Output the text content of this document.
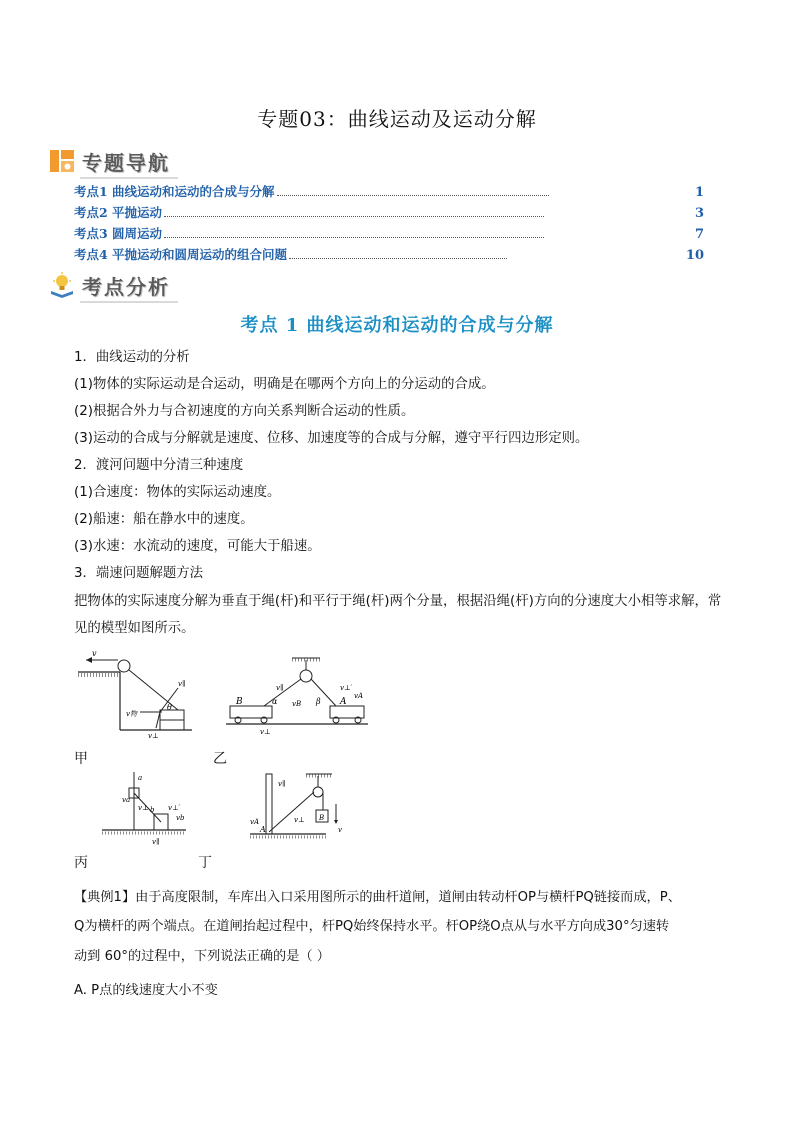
专题03：曲线运动及运动分解
专题导航
考点1 曲线运动和运动的合成与分解	1
考点2 平抛运动	3
考点3 圆周运动	7
考点4 平抛运动和圆周运动的组合问题	10
考点分析
考点 1 曲线运动和运动的合成与分解
1．曲线运动的分析
(1)物体的实际运动是合运动，明确是在哪两个方向上的分运动的合成。
(2)根据合外力与合初速度的方向关系判断合运动的性质。
(3)运动的合成与分解就是速度、位移、加速度等的合成与分解，遵守平行四边形定则。
2．渡河问题中分清三种速度
(1)合速度：物体的实际运动速度。
(2)船速：船在静水中的速度。
(3)水速：水流动的速度，可能大于船速。
3．端速问题解题方法
把物体的实际速度分解为垂直于绳(杆)和平行于绳(杆)两个分量，根据沿绳(杆)方向的分速度大小相等求解，常见的模型如图所示。
v
v物
v∥
v⊥
θ
甲
B	A
α	β
vB
vA
v∥
v⊥
v⊥′
乙
a
b
va
vb
v⊥′
v⊥
v∥
丙
A
B
v
vA
v∥
v⊥
丁
【典例1】由于高度限制，车库出入口采用图所示的曲杆道闸，道闸由转动杆OP与横杆PQ链接而成，P、
Q为横杆的两个端点。在道闸抬起过程中，杆PQ始终保持水平。杆OP绕O点从与水平方向成30°匀速转
动到 60°的过程中，下列说法正确的是（ ）
A. P点的线速度大小不变
